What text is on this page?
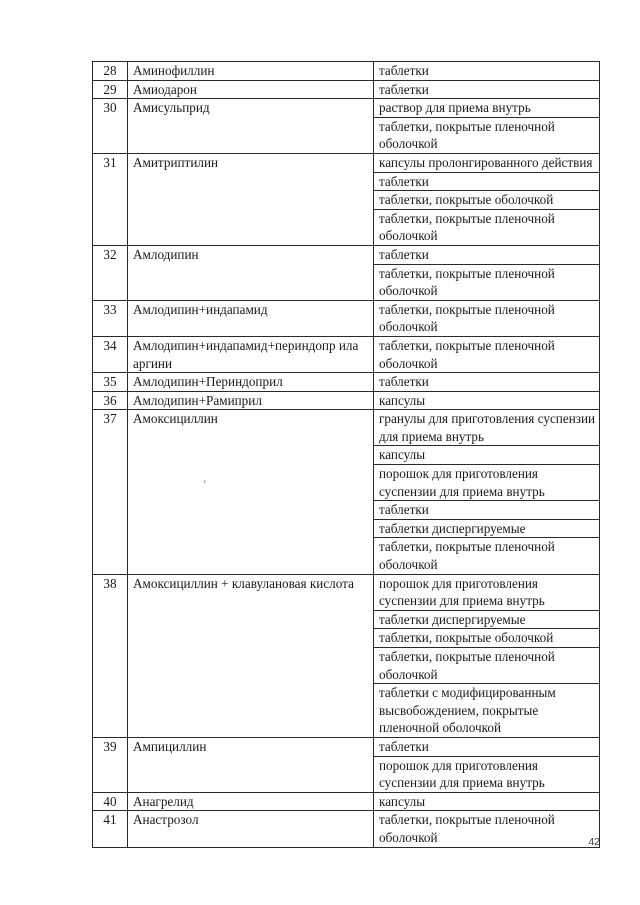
28	Аминофиллин	таблетки
29	Амиодарон	таблетки
30	Амисульприд	раствор для приема внутрь
		таблетки, покрытые пленочной оболочкой
31	Амитриптилин	капсулы пролонгированного действия
		таблетки
		таблетки, покрытые оболочкой
		таблетки, покрытые пленочной оболочкой
32	Амлодипин	таблетки
		таблетки, покрытые пленочной оболочкой
33	Амлодипин+индапамид	таблетки, покрытые пленочной оболочкой
34	Амлодипин+индапамид+периндопр ила аргини	таблетки, покрытые пленочной оболочкой
35	Амлодипин+Периндоприл	таблетки
36	Амлодипин+Рамиприл	капсулы
37	Амоксициллин	гранулы для приготовления суспензии для приема внутрь
		капсулы
		порошок для приготовления суспензии для приема внутрь
		таблетки
		таблетки диспергируемые
		таблетки, покрытые пленочной оболочкой
38	Амоксициллин + клавулановая кислота	порошок для приготовления суспензии для приема внутрь
		таблетки диспергируемые
		таблетки, покрытые оболочкой
		таблетки, покрытые пленочной оболочкой
		таблетки с модифицированным высвобождением, покрытые пленочной оболочкой
39	Ампициллин	таблетки
		порошок для приготовления суспензии для приема внутрь
40	Анагрелид	капсулы
41	Анастрозол	таблетки, покрытые пленочной оболочкой
›
42
